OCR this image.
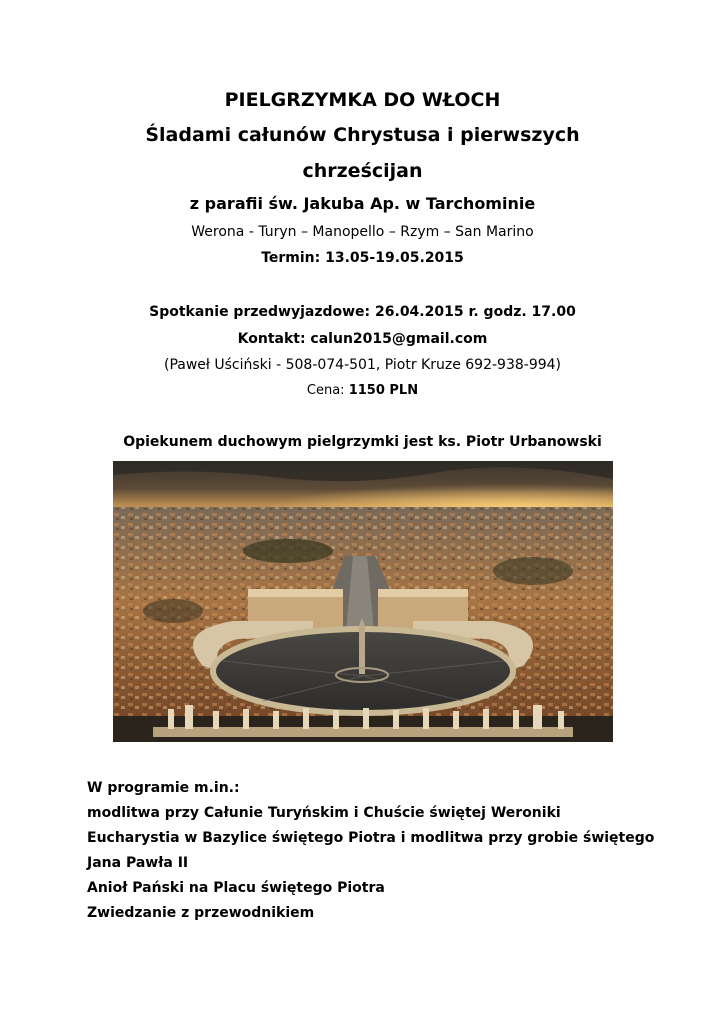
PIELGRZYMKA DO WŁOCH
Śladami całunów Chrystusa i pierwszych
chrześcijan
z parafii św. Jakuba Ap. w Tarchominie
Werona - Turyn – Manopello – Rzym – San Marino
Termin: 13.05-19.05.2015
Spotkanie przedwyjazdowe: 26.04.2015 r. godz. 17.00
Kontakt: calun2015@gmail.com
(Paweł Uściński - 508-074-501, Piotr Kruze 692-938-994)
Cena: 1150 PLN
Opiekunem duchowym pielgrzymki jest ks. Piotr Urbanowski
W programie m.in.:
modlitwa przy Całunie Turyńskim i Chuście świętej Weroniki
Eucharystia w Bazylice świętego Piotra i modlitwa przy grobie świętego
Jana Pawła II
Anioł Pański na Placu świętego Piotra
Zwiedzanie z przewodnikiem
